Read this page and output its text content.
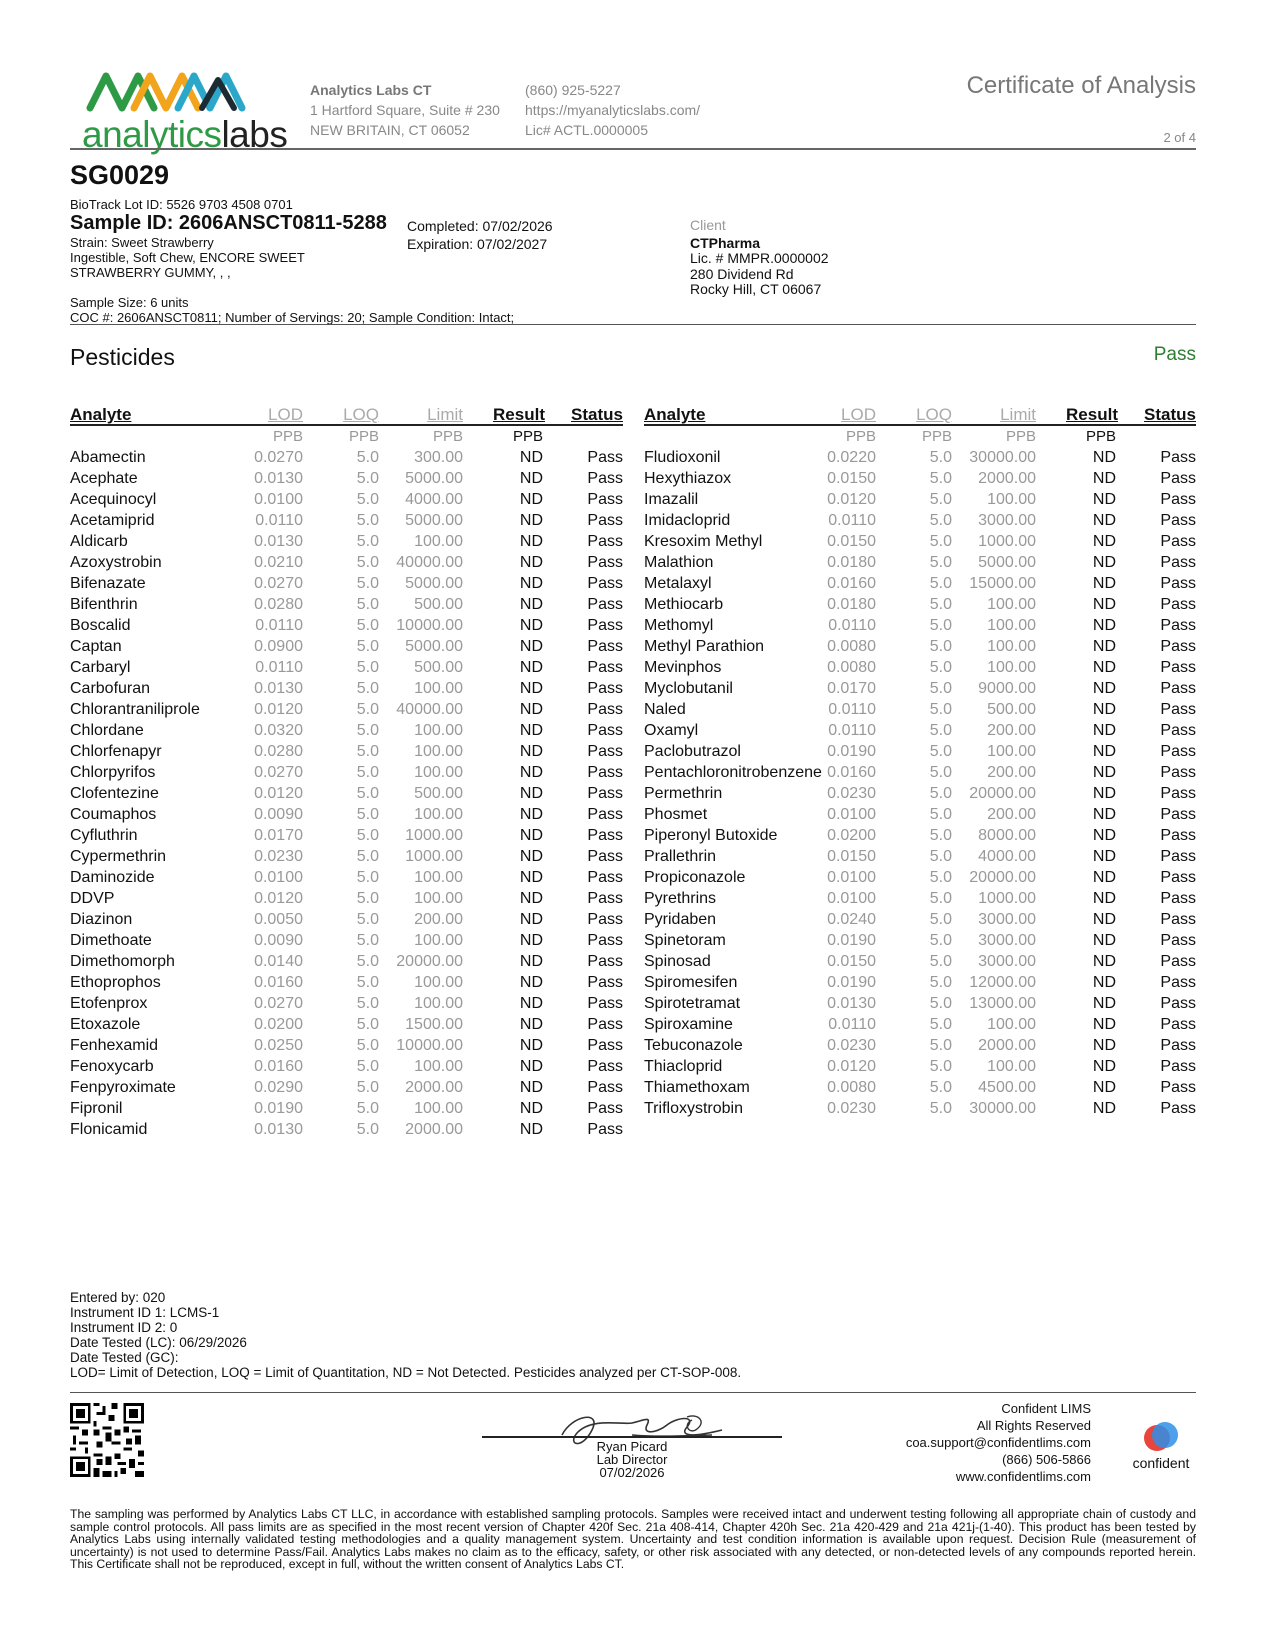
analyticslabs
Analytics Labs CT
1 Hartford Square, Suite # 230
NEW BRITAIN, CT 06052
(860) 925-5227
https://myanalyticslabs.com/
Lic# ACTL.0000005
Certificate of Analysis
2 of 4
SG0029
BioTrack Lot ID: 5526 9703 4508 0701
Sample ID: 2606ANSCT0811-5288
Strain: Sweet Strawberry
Ingestible, Soft Chew, ENCORE SWEET
STRAWBERRY GUMMY, , ,
Completed: 07/02/2026
Expiration: 07/02/2027
Client
CTPharma
Lic. # MMPR.0000002
280 Dividend Rd
Rocky Hill, CT 06067
Sample Size: 6 units
COC #: 2606ANSCT0811; Number of Servings: 20; Sample Condition: Intact;
Pesticides	Pass
Analyte	LOD LOQ	Limit	Result	Status
PPB	PPB	PPB	PPB
Abamectin	0.0270	5.0	300.00	ND	Pass
Acephate	0.0130	5.0	5000.00	ND	Pass
Acequinocyl	0.0100	5.0	4000.00	ND	Pass
Acetamiprid	0.0110	5.0	5000.00	ND	Pass
Aldicarb	0.0130	5.0	100.00	ND	Pass
Azoxystrobin	0.0210	5.0	40000.00	ND	Pass
Bifenazate	0.0270	5.0	5000.00	ND	Pass
Bifenthrin	0.0280	5.0	500.00	ND	Pass
Boscalid	0.0110	5.0	10000.00	ND	Pass
Captan	0.0900	5.0	5000.00	ND	Pass
Carbaryl	0.0110	5.0	500.00	ND	Pass
Carbofuran	0.0130	5.0	100.00	ND	Pass
Chlorantraniliprole	0.0120	5.0	40000.00	ND	Pass
Chlordane	0.0320	5.0	100.00	ND	Pass
Chlorfenapyr	0.0280	5.0	100.00	ND	Pass
Chlorpyrifos	0.0270	5.0	100.00	ND	Pass
Clofentezine	0.0120	5.0	500.00	ND	Pass
Coumaphos	0.0090	5.0	100.00	ND	Pass
Cyfluthrin	0.0170	5.0	1000.00	ND	Pass
Cypermethrin	0.0230	5.0	1000.00	ND	Pass
Daminozide	0.0100	5.0	100.00	ND	Pass
DDVP	0.0120	5.0	100.00	ND	Pass
Diazinon	0.0050	5.0	200.00	ND	Pass
Dimethoate	0.0090	5.0	100.00	ND	Pass
Dimethomorph	0.0140	5.0	20000.00	ND	Pass
Ethoprophos	0.0160	5.0	100.00	ND	Pass
Etofenprox	0.0270	5.0	100.00	ND	Pass
Etoxazole	0.0200	5.0	1500.00	ND	Pass
Fenhexamid	0.0250	5.0	10000.00	ND	Pass
Fenoxycarb	0.0160	5.0	100.00	ND	Pass
Fenpyroximate	0.0290	5.0	2000.00	ND	Pass
Fipronil	0.0190	5.0	100.00	ND	Pass
Flonicamid	0.0130	5.0	2000.00	ND	Pass
Analyte	LOD LOQ	Limit	Result	Status
PPB	PPB	PPB	PPB
Fludioxonil	0.0220	5.0	30000.00	ND	Pass
Hexythiazox	0.0150	5.0	2000.00	ND	Pass
Imazalil	0.0120	5.0	100.00	ND	Pass
Imidacloprid	0.0110	5.0	3000.00	ND	Pass
Kresoxim Methyl	0.0150	5.0	1000.00	ND	Pass
Malathion	0.0180	5.0	5000.00	ND	Pass
Metalaxyl	0.0160	5.0	15000.00	ND	Pass
Methiocarb	0.0180	5.0	100.00	ND	Pass
Methomyl	0.0110	5.0	100.00	ND	Pass
Methyl Parathion	0.0080	5.0	100.00	ND	Pass
Mevinphos	0.0080	5.0	100.00	ND	Pass
Myclobutanil	0.0170	5.0	9000.00	ND	Pass
Naled	0.0110	5.0	500.00	ND	Pass
Oxamyl	0.0110	5.0	200.00	ND	Pass
Paclobutrazol	0.0190	5.0	100.00	ND	Pass
Pentachloronitrobenzene 0.0160	5.0	200.00	ND	Pass
Permethrin	0.0230	5.0	20000.00	ND	Pass
Phosmet	0.0100	5.0	200.00	ND	Pass
Piperonyl Butoxide	0.0200	5.0	8000.00	ND	Pass
Prallethrin	0.0150	5.0	4000.00	ND	Pass
Propiconazole	0.0100	5.0	20000.00	ND	Pass
Pyrethrins	0.0100	5.0	1000.00	ND	Pass
Pyridaben	0.0240	5.0	3000.00	ND	Pass
Spinetoram	0.0190	5.0	3000.00	ND	Pass
Spinosad	0.0150	5.0	3000.00	ND	Pass
Spiromesifen	0.0190	5.0	12000.00	ND	Pass
Spirotetramat	0.0130	5.0	13000.00	ND	Pass
Spiroxamine	0.0110	5.0	100.00	ND	Pass
Tebuconazole	0.0230	5.0	2000.00	ND	Pass
Thiacloprid	0.0120	5.0	100.00	ND	Pass
Thiamethoxam	0.0080	5.0	4500.00	ND	Pass
Trifloxystrobin	0.0230	5.0	30000.00	ND	Pass
Entered by: 020
Instrument ID 1: LCMS-1
Instrument ID 2: 0
Date Tested (LC): 06/29/2026
Date Tested (GC):
LOD= Limit of Detection, LOQ = Limit of Quantitation, ND = Not Detected. Pesticides analyzed per CT-SOP-008.
Ryan Picard
Lab Director
07/02/2026
Confident LIMS
All Rights Reserved
coa.support@confidentlims.com
(866) 506-5866
www.confidentlims.com
confident
The sampling was performed by Analytics Labs CT LLC, in accordance with established sampling protocols. Samples were received intact and underwent testing following all appropriate chain of custody and sample control protocols. All pass limits are as specified in the most recent version of Chapter 420f Sec. 21a 408-414, Chapter 420h Sec. 21a 420-429 and 21a 421j-(1-40). This product has been tested by Analytics Labs using internally validated testing methodologies and a quality management system. Uncertainty and test condition information is available upon request. Decision Rule (measurement of uncertainty) is not used to determine Pass/Fail. Analytics Labs makes no claim as to the efficacy, safety, or other risk associated with any detected, or non-detected levels of any compounds reported herein. This Certificate shall not be reproduced, except in full, without the written consent of Analytics Labs CT.
